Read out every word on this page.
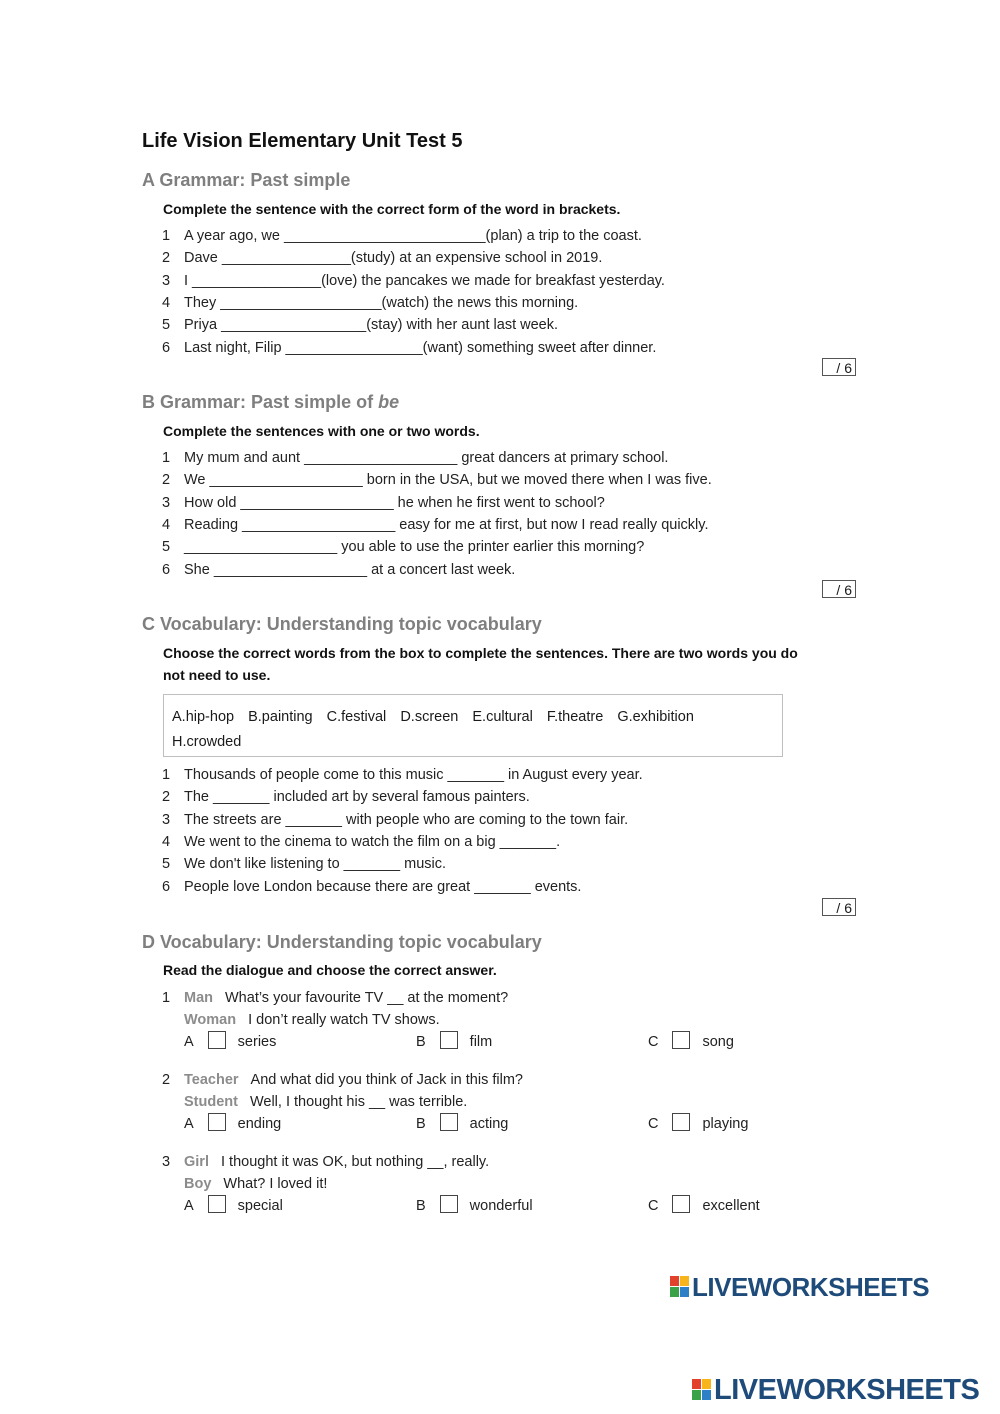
Life Vision Elementary Unit Test 5
A Grammar: Past simple
Complete the sentence with the correct form of the word in brackets.
1 A year ago, we _________________________(plan) a trip to the coast.
2 Dave ________________(study) at an expensive school in 2019.
3 I ________________(love) the pancakes we made for breakfast yesterday.
4 They ____________________(watch) the news this morning.
5 Priya __________________(stay) with her aunt last week.
6 Last night, Filip _________________(want) something sweet after dinner.
/ 6
B Grammar: Past simple of be
Complete the sentences with one or two words.
1 My mum and aunt ___________________ great dancers at primary school.
2 We ___________________ born in the USA, but we moved there when I was five.
3 How old ___________________ he when he first went to school?
4 Reading ___________________ easy for me at first, but now I read really quickly.
5 ___________________ you able to use the printer earlier this morning?
6 She ___________________ at a concert last week.
/ 6
C Vocabulary: Understanding topic vocabulary
Choose the correct words from the box to complete the sentences. There are two words you do not need to use.
A.hip-hop B.painting C.festival D.screen E.cultural F.theatre G.exhibition
H.crowded
1 Thousands of people come to this music _______ in August every year.
2 The _______ included art by several famous painters.
3 The streets are _______ with people who are coming to the town fair.
4 We went to the cinema to watch the film on a big _______.
5 We don't like listening to _______ music.
6 People love London because there are great _______ events.
/ 6
D Vocabulary: Understanding topic vocabulary
Read the dialogue and choose the correct answer.
1 Man What’s your favourite TV __ at the moment?
Woman I don’t really watch TV shows.
A	series	B	film	C	song
2 Teacher And what did you think of Jack in this film?
Student Well, I thought his __ was terrible.
A	ending	B	acting	C	playing
3 Girl I thought it was OK, but nothing __, really.
Boy What? I loved it!
A	special	B	wonderful	C	excellent
LIVEWORKSHEETS
LIVEWORKSHEETS
